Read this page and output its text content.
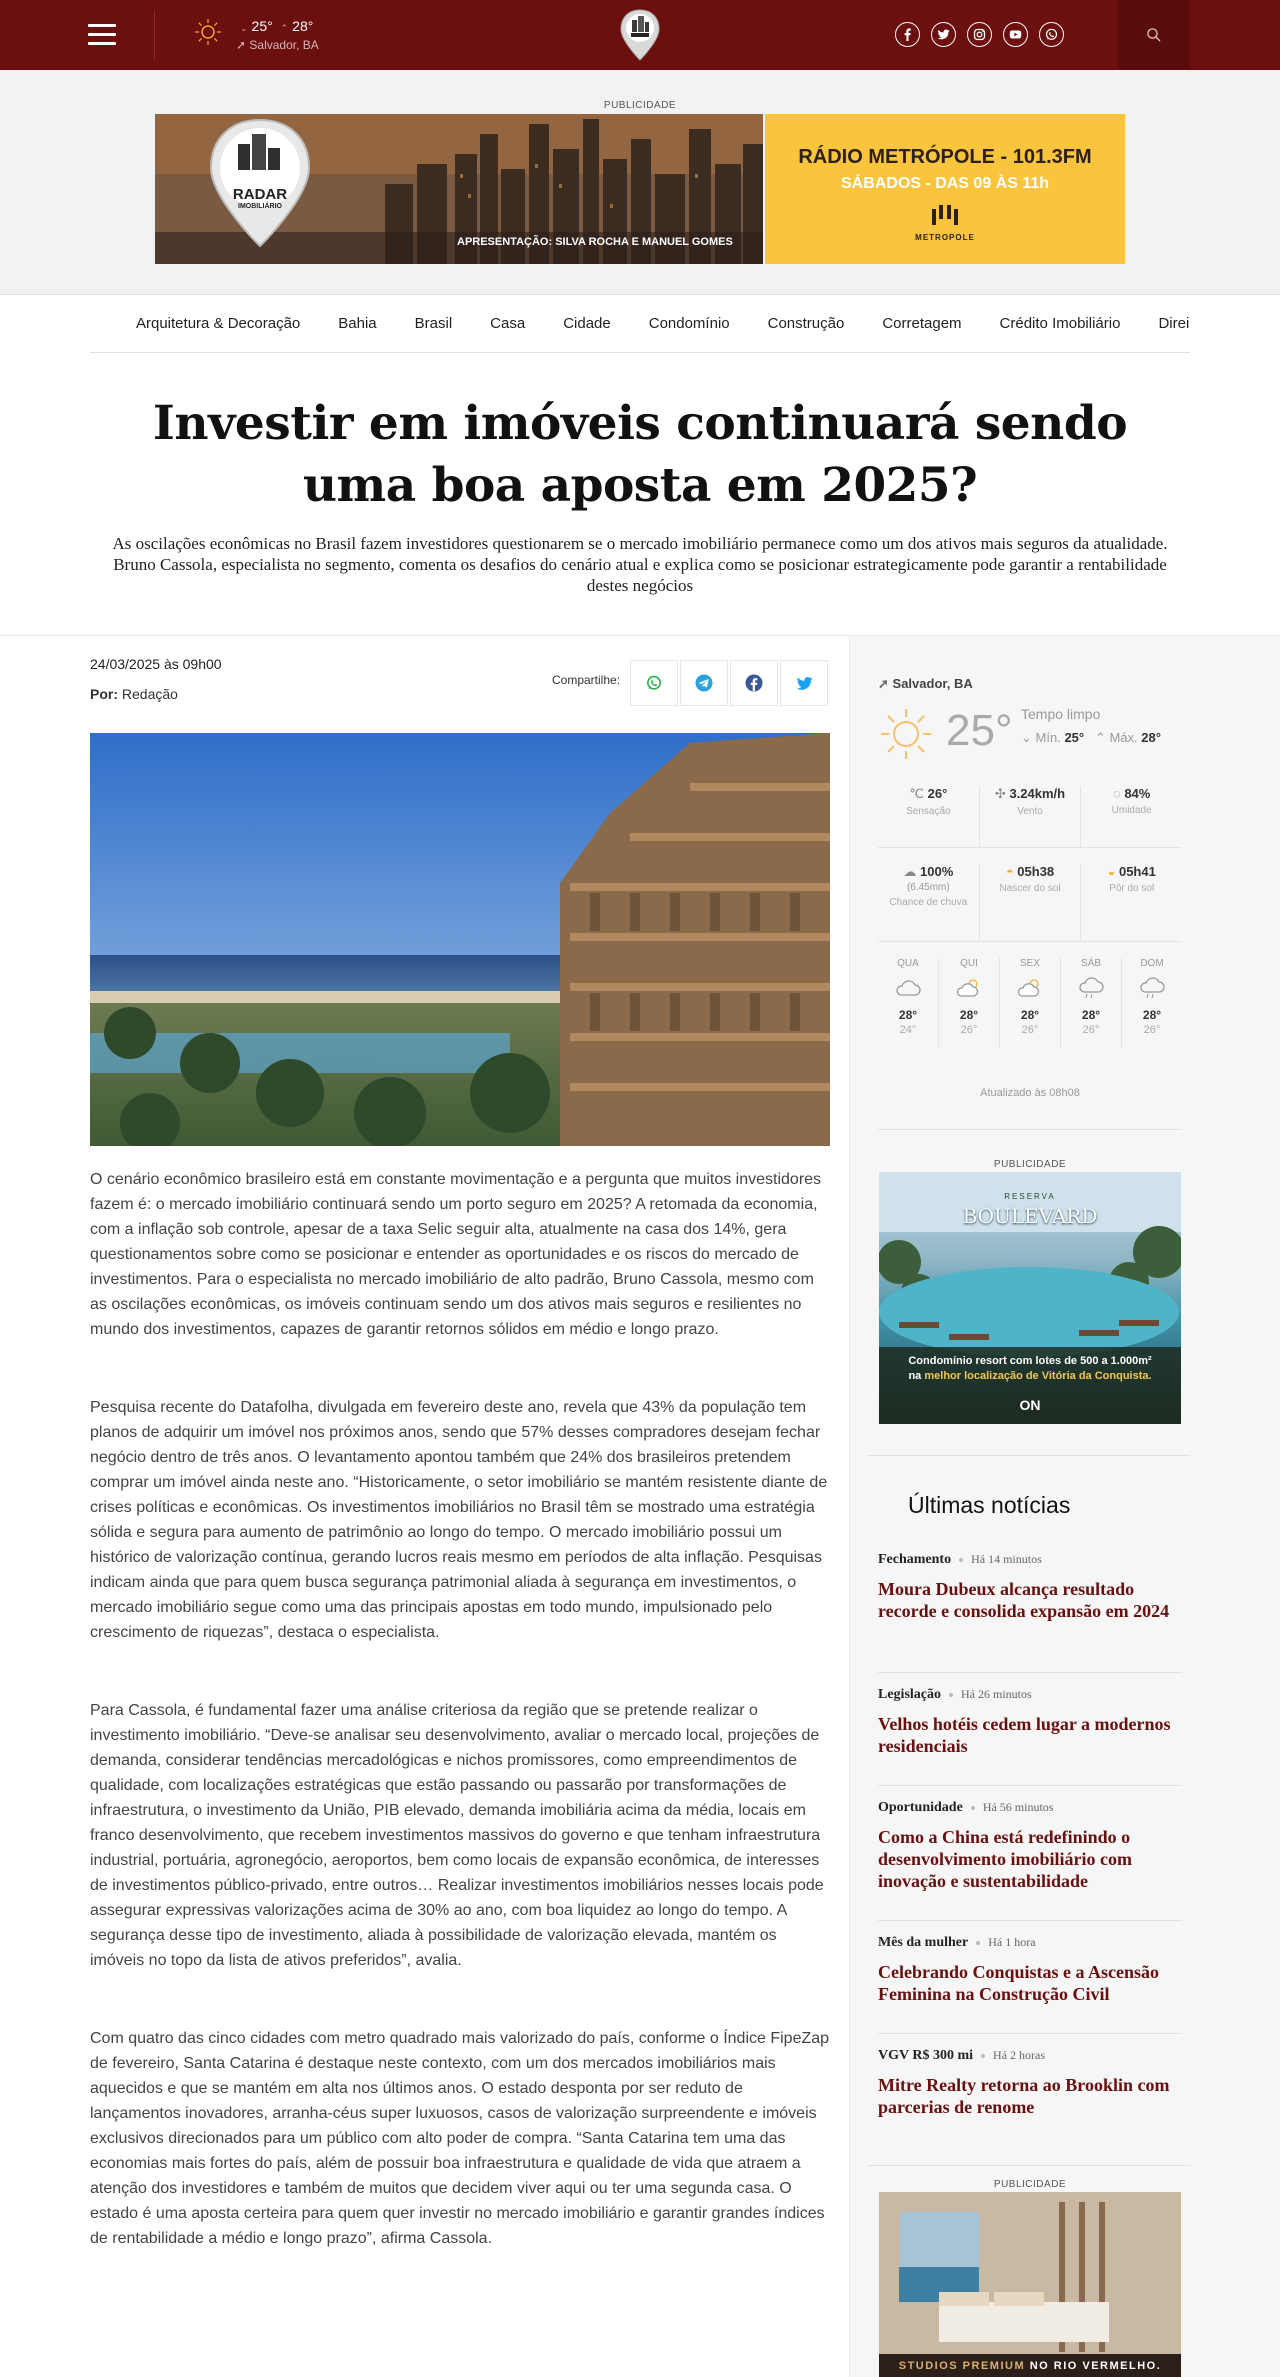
⌄ 25° ⌃ 28°
➚ Salvador, BA
PUBLICIDADE
RADAR
IMOBILIÁRIO
APRESENTAÇÃO: SILVA ROCHA E MANUEL GOMES
RÁDIO METRÓPOLE - 101.3FM
SÁBADOS - DAS 09 ÀS 11h
METROPOLE
Arquitetura & Decoração	Bahia	Brasil	Casa	Cidade	Condomínio	Construção	Corretagem	Crédito Imobiliário	Direi
Investir em imóveis continuará sendo uma boa aposta em 2025?
As oscilações econômicas no Brasil fazem investidores questionarem se o mercado imobiliário permanece como um dos ativos mais seguros da atualidade. Bruno Cassola, especialista no segmento, comenta os desafios do cenário atual e explica como se posicionar estrategicamente pode garantir a rentabilidade destes negócios
24/03/2025 às 09h00
Por: Redação
Compartilhe:

O cenário econômico brasileiro está em constante movimentação e a pergunta que muitos investidores fazem é: o mercado imobiliário continuará sendo um porto seguro em 2025? A retomada da economia, com a inflação sob controle, apesar de a taxa Selic seguir alta, atualmente na casa dos 14%, gera questionamentos sobre como se posicionar e entender as oportunidades e os riscos do mercado de investimentos. Para o especialista no mercado imobiliário de alto padrão, Bruno Cassola, mesmo com as oscilações econômicas, os imóveis continuam sendo um dos ativos mais seguros e resilientes no mundo dos investimentos, capazes de garantir retornos sólidos em médio e longo prazo.

Pesquisa recente do Datafolha, divulgada em fevereiro deste ano, revela que 43% da população tem planos de adquirir um imóvel nos próximos anos, sendo que 57% desses compradores desejam fechar negócio dentro de três anos. O levantamento apontou também que 24% dos brasileiros pretendem comprar um imóvel ainda neste ano. “Historicamente, o setor imobiliário se mantém resistente diante de crises políticas e econômicas. Os investimentos imobiliários no Brasil têm se mostrado uma estratégia sólida e segura para aumento de patrimônio ao longo do tempo. O mercado imobiliário possui um histórico de valorização contínua, gerando lucros reais mesmo em períodos de alta inflação. Pesquisas indicam ainda que para quem busca segurança patrimonial aliada à segurança em investimentos, o mercado imobiliário segue como uma das principais apostas em todo mundo, impulsionado pelo crescimento de riquezas”, destaca o especialista.

Para Cassola, é fundamental fazer uma análise criteriosa da região que se pretende realizar o investimento imobiliário. “Deve-se analisar seu desenvolvimento, avaliar o mercado local, projeções de demanda, considerar tendências mercadológicas e nichos promissores, como empreendimentos de qualidade, com localizações estratégicas que estão passando ou passarão por transformações de infraestrutura, o investimento da União, PIB elevado, demanda imobiliária acima da média, locais em franco desenvolvimento, que recebem investimentos massivos do governo e que tenham infraestrutura industrial, portuária, agronegócio, aeroportos, bem como locais de expansão econômica, de interesses de investimentos público-privado, entre outros… Realizar investimentos imobiliários nesses locais pode assegurar expressivas valorizações acima de 30% ao ano, com boa liquidez ao longo do tempo. A segurança desse tipo de investimento, aliada à possibilidade de valorização elevada, mantém os imóveis no topo da lista de ativos preferidos”, avalia.

Com quatro das cinco cidades com metro quadrado mais valorizado do país, conforme o Índice FipeZap de fevereiro, Santa Catarina é destaque neste contexto, com um dos mercados imobiliários mais aquecidos e que se mantém em alta nos últimos anos. O estado desponta por ser reduto de lançamentos inovadores, arranha-céus super luxuosos, casos de valorização surpreendente e imóveis exclusivos direcionados para um público com alto poder de compra. “Santa Catarina tem uma das economias mais fortes do país, além de possuir boa infraestrutura e qualidade de vida que atraem a atenção dos investidores e também de muitos que decidem viver aqui ou ter uma segunda casa. O estado é uma aposta certeira para quem quer investir no mercado imobiliário e garantir grandes índices de rentabilidade a médio e longo prazo”, afirma Cassola.

➚ Salvador, BA
25° Tempo limpo
⌄ Mín. 25°   ⌃ Máx. 28°
℃ 26°
Sensação
✣ 3.24km/h
Vento
◌ 84%
Umidade
☁ 100%
(6.45mm)
Chance de chuva
◓ 05h38
Nascer do sol
◒ 05h41
Pôr do sol
QUA
28°
24°
QUI
28°
26°
SEX
28°
26°
SÁB
28°
26°
DOM
28°
26°
Atualizado às 08h08
PUBLICIDADE
RESERVA
BOULEVARD
Condomínio resort com lotes de 500 a 1.000m²
na melhor localização de Vitória da Conquista.
ON
Últimas notícias
Fechamento Há 14 minutos
Moura Dubeux alcança resultado recorde e consolida expansão em 2024
Legislação Há 26 minutos
Velhos hotéis cedem lugar a modernos residenciais
Oportunidade Há 56 minutos
Como a China está redefinindo o desenvolvimento imobiliário com inovação e sustentabilidade
Mês da mulher Há 1 hora
Celebrando Conquistas e a Ascensão Feminina na Construção Civil
VGV R$ 300 mi Há 2 horas
Mitre Realty retorna ao Brooklin com parcerias de renome
PUBLICIDADE
STUDIOS PREMIUM NO RIO VERMELHO.
